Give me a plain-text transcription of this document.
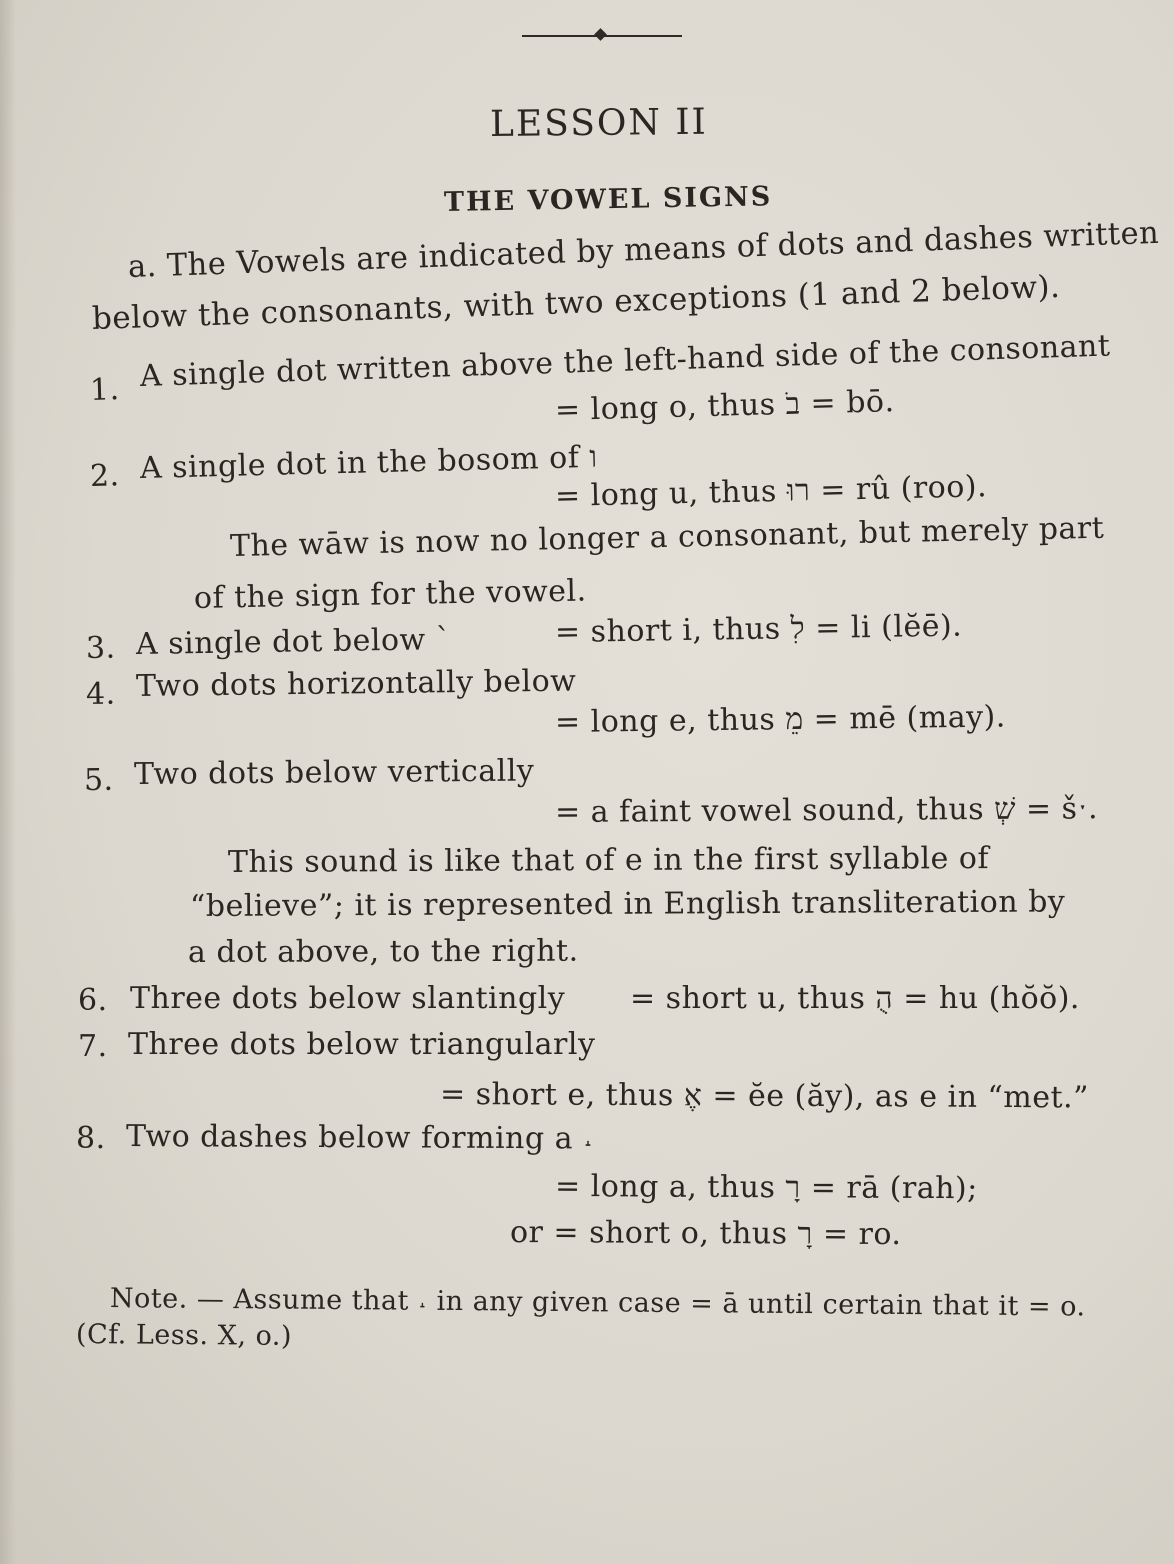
LESSON II
THE VOWEL SIGNS
a. The Vowels are indicated by means of dots and dashes written
below the consonants, with two exceptions (1 and 2 below).
1. A single dot written above the left-hand side of the consonant
= long o, thus בֹ = bō.
2. A single dot in the bosom of ו
= long u, thus רוּ = rû (roo).
The wāw is now no longer a consonant, but merely part
of the sign for the vowel.
3. A single dot below ˋ	= short i, thus לִ = li (lĕē).
4. Two dots horizontally below
= long e, thus מֵ = mē (may).
5. Two dots below vertically
= a faint vowel sound, thus שְׁ = šˑ.
This sound is like that of e in the first syllable of
“believe”; it is represented in English transliteration by
a dot above, to the right.
6. Three dots below slantingly = short u, thus הֻ = hu (hŏŏ).
7. Three dots below triangularly
= short e, thus אֶ = ĕe (ăy), as e in “met.”
8. Two dashes below forming a ˔
= long a, thus רָ = rā (rah);
or = short o, thus רָ = ro.
Note. — Assume that ˔ in any given case = ā until certain that it = o.
(Cf. Less. X, o.)
